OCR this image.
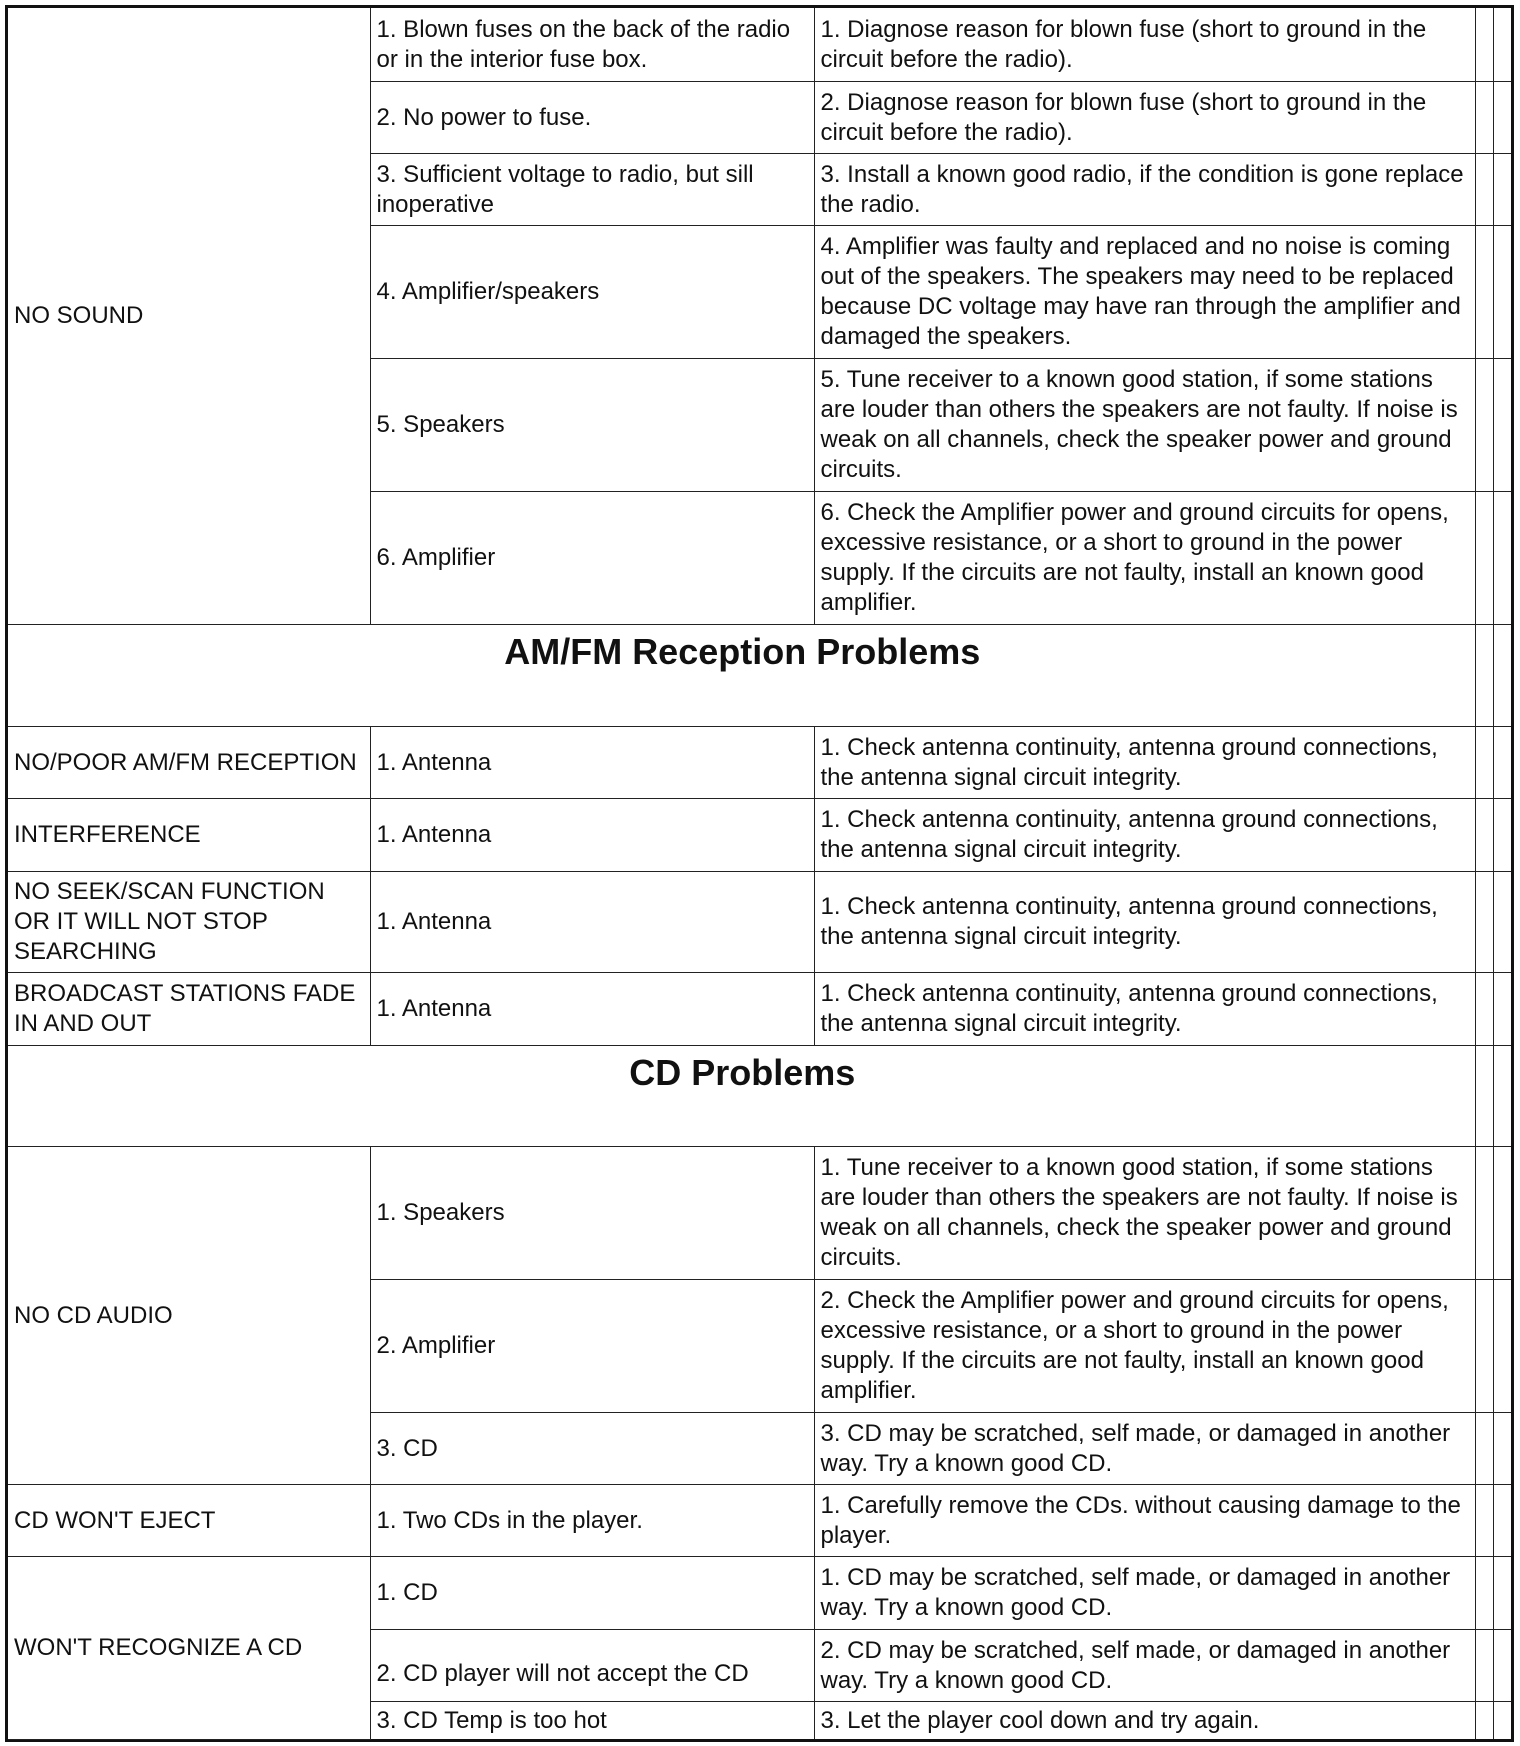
NO SOUND	1. Blown fuses on the back of the radio or in the interior fuse box.	1. Diagnose reason for blown fuse (short to ground in the circuit before the radio).		
	2. No power to fuse.	2. Diagnose reason for blown fuse (short to ground in the circuit before the radio).		
	3. Sufficient voltage to radio, but sill inoperative	3. Install a known good radio, if the condition is gone replace the radio.		
	4. Amplifier/speakers	4. Amplifier was faulty and replaced and no noise is coming out of the speakers. The speakers may need to be replaced because DC voltage may have ran through the amplifier and damaged the speakers.		
	5. Speakers	5. Tune receiver to a known good station, if some stations are louder than others the speakers are not faulty. If noise is weak on all channels, check the speaker power and ground circuits.		
	6. Amplifier	6. Check the Amplifier power and ground circuits for opens, excessive resistance, or a short to ground in the power supply. If the circuits are not faulty, install an known good amplifier.		
AM/FM Reception Problems				
NO/POOR AM/FM RECEPTION	1. Antenna	1. Check antenna continuity, antenna ground connections, the antenna signal circuit integrity.		
INTERFERENCE	1. Antenna	1. Check antenna continuity, antenna ground connections, the antenna signal circuit integrity.		
NO SEEK/SCAN FUNCTION OR IT WILL NOT STOP SEARCHING	1. Antenna	1. Check antenna continuity, antenna ground connections, the antenna signal circuit integrity.		
BROADCAST STATIONS FADE IN AND OUT	1. Antenna	1. Check antenna continuity, antenna ground connections, the antenna signal circuit integrity.		
CD Problems				
NO CD AUDIO	1. Speakers	1. Tune receiver to a known good station, if some stations are louder than others the speakers are not faulty. If noise is weak on all channels, check the speaker power and ground circuits.		
	2. Amplifier	2. Check the Amplifier power and ground circuits for opens, excessive resistance, or a short to ground in the power supply. If the circuits are not faulty, install an known good amplifier.		
	3. CD	3. CD may be scratched, self made, or damaged in another way. Try a known good CD.		
CD WON'T EJECT	1. Two CDs in the player.	1. Carefully remove the CDs. without causing damage to the player.		
WON'T RECOGNIZE A CD	1. CD	1. CD may be scratched, self made, or damaged in another way. Try a known good CD.		
	2. CD player will not accept the CD	2. CD may be scratched, self made, or damaged in another way. Try a known good CD.		
	3. CD Temp is too hot	3. Let the player cool down and try again.		
